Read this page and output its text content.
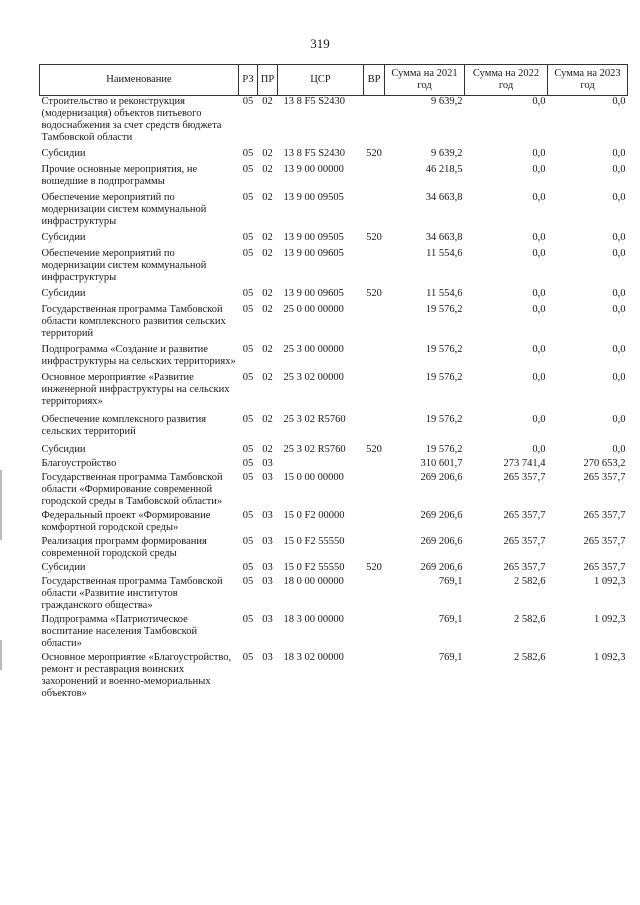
319
Наименование	РЗ	ПР	ЦСР	ВР	Сумма на 2021 год	Сумма на 2022 год	Сумма на 2023 год
Строительство и реконструкция (модернизация) объектов питьевого водоснабжения за счет средств бюджета Тамбовской области	05	02	13 8 F5 S2430		9 639,2	0,0	0,0
Субсидии	05	02	13 8 F5 S2430	520	9 639,2	0,0	0,0
Прочие основные мероприятия, не вошедшие в подпрограммы	05	02	13 9 00 00000		46 218,5	0,0	0,0
Обеспечение мероприятий по модернизации систем коммунальной инфраструктуры	05	02	13 9 00 09505		34 663,8	0,0	0,0
Субсидии	05	02	13 9 00 09505	520	34 663,8	0,0	0,0
Обеспечение мероприятий по модернизации систем коммунальной инфраструктуры	05	02	13 9 00 09605		11 554,6	0,0	0,0
Субсидии	05	02	13 9 00 09605	520	11 554,6	0,0	0,0
Государственная программа Тамбовской области комплексного развития сельских территорий	05	02	25 0 00 00000		19 576,2	0,0	0,0
Подпрограмма «Создание и развитие инфраструктуры на сельских территориях»	05	02	25 3 00 00000		19 576,2	0,0	0,0
Основное мероприятие «Развитие инженерной инфраструктуры на сельских территориях»	05	02	25 3 02 00000		19 576,2	0,0	0,0
Обеспечение комплексного развития сельских территорий	05	02	25 3 02 R5760		19 576,2	0,0	0,0
Субсидии	05	02	25 3 02 R5760	520	19 576,2	0,0	0,0
Благоустройство	05	03			310 601,7	273 741,4	270 653,2
Государственная программа Тамбовской области «Формирование современной городской среды в Тамбовской области»	05	03	15 0 00 00000		269 206,6	265 357,7	265 357,7
Федеральный проект «Формирование комфортной городской среды»	05	03	15 0 F2 00000		269 206,6	265 357,7	265 357,7
Реализация программ формирования современной городской среды	05	03	15 0 F2 55550		269 206,6	265 357,7	265 357,7
Субсидии	05	03	15 0 F2 55550	520	269 206,6	265 357,7	265 357,7
Государственная программа Тамбовской области «Развитие институтов гражданского общества»	05	03	18 0 00 00000		769,1	2 582,6	1 092,3
Подпрограмма «Патриотическое воспитание населения Тамбовской области»	05	03	18 3 00 00000		769,1	2 582,6	1 092,3
Основное мероприятие «Благоустройство, ремонт и реставрация воинских захоронений и военно-мемориальных объектов»	05	03	18 3 02 00000		769,1	2 582,6	1 092,3
